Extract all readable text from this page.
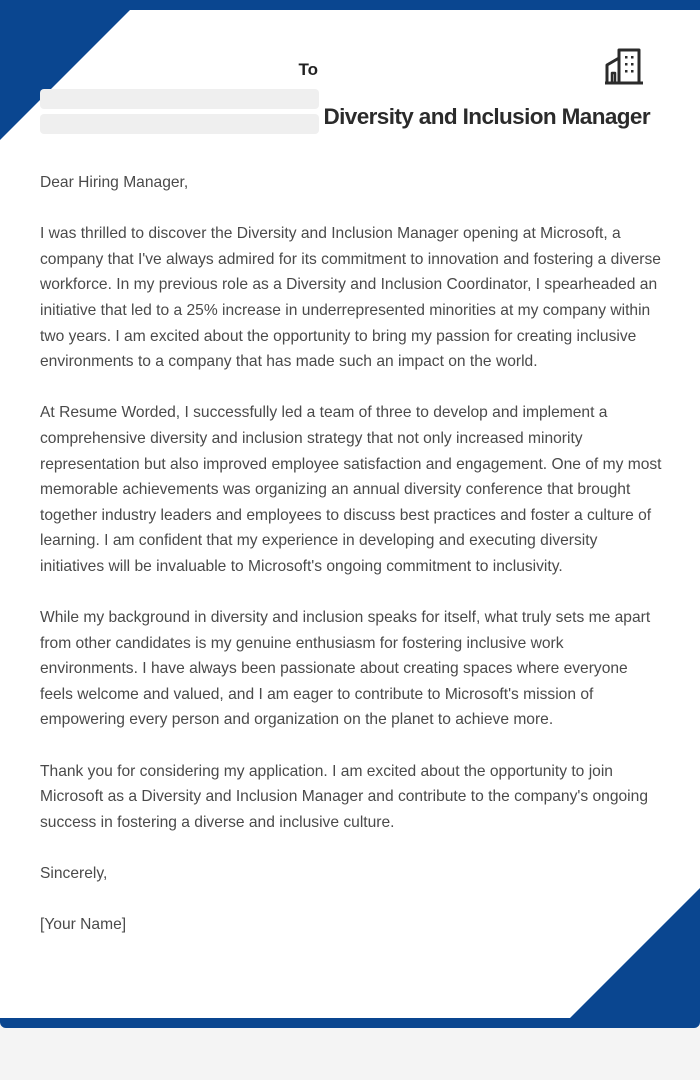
To
Diversity and Inclusion Manager

Dear Hiring Manager,

I was thrilled to discover the Diversity and Inclusion Manager opening at Microsoft, a company that I've always admired for its commitment to innovation and fostering a diverse workforce. In my previous role as a Diversity and Inclusion Coordinator, I spearheaded an initiative that led to a 25% increase in underrepresented minorities at my company within two years. I am excited about the opportunity to bring my passion for creating inclusive environments to a company that has made such an impact on the world.

At Resume Worded, I successfully led a team of three to develop and implement a comprehensive diversity and inclusion strategy that not only increased minority representation but also improved employee satisfaction and engagement. One of my most memorable achievements was organizing an annual diversity conference that brought together industry leaders and employees to discuss best practices and foster a culture of learning. I am confident that my experience in developing and executing diversity initiatives will be invaluable to Microsoft's ongoing commitment to inclusivity.

While my background in diversity and inclusion speaks for itself, what truly sets me apart from other candidates is my genuine enthusiasm for fostering inclusive work environments. I have always been passionate about creating spaces where everyone feels welcome and valued, and I am eager to contribute to Microsoft's mission of empowering every person and organization on the planet to achieve more.

Thank you for considering my application. I am excited about the opportunity to join Microsoft as a Diversity and Inclusion Manager and contribute to the company's ongoing success in fostering a diverse and inclusive culture.

Sincerely,

[Your Name]
